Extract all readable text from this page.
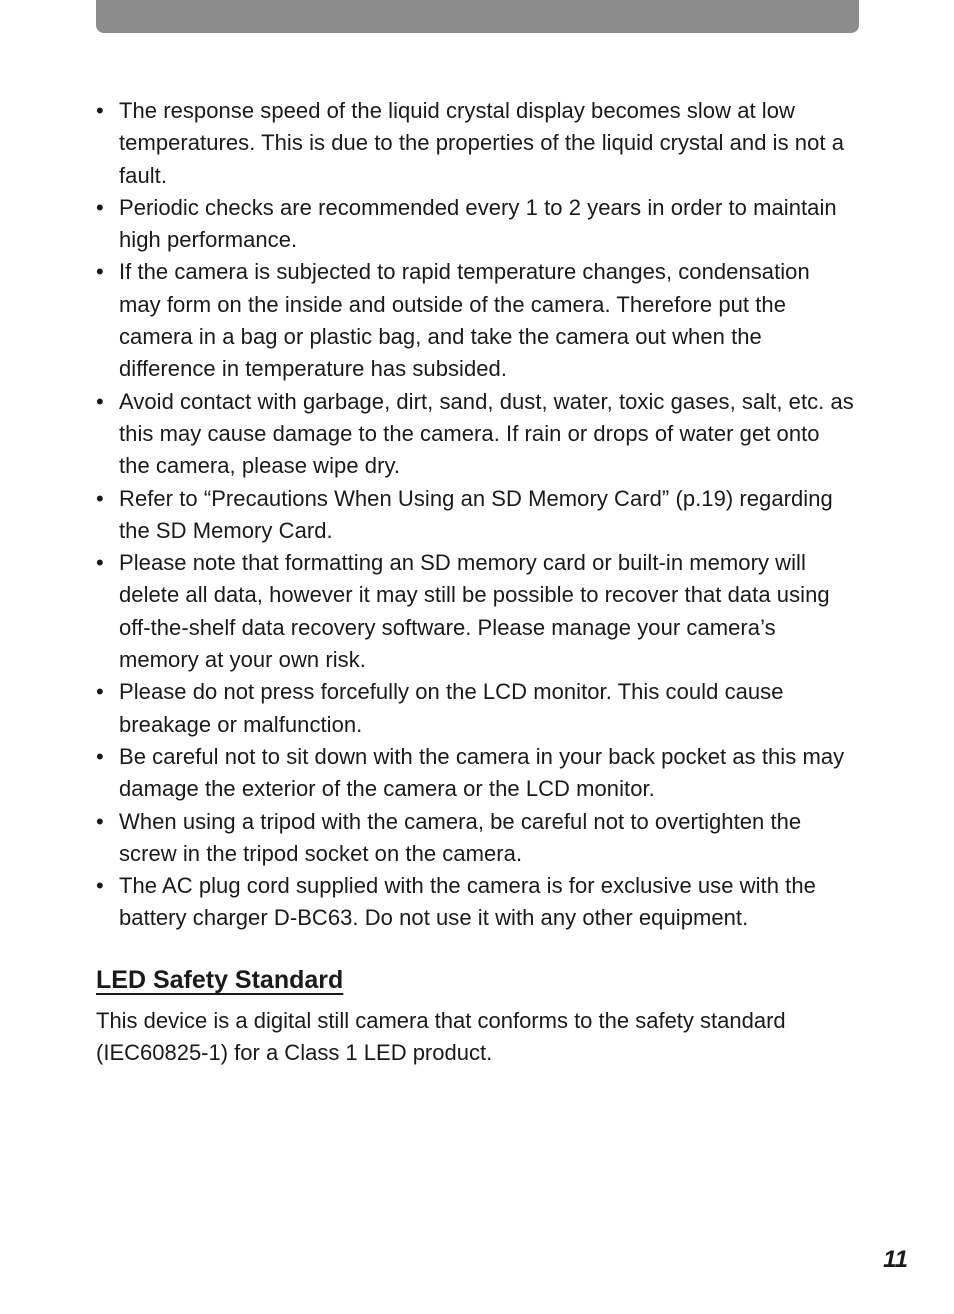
• The response speed of the liquid crystal display becomes slow at low temperatures. This is due to the properties of the liquid crystal and is not a fault.
• Periodic checks are recommended every 1 to 2 years in order to maintain high performance.
• If the camera is subjected to rapid temperature changes, condensation may form on the inside and outside of the camera. Therefore put the camera in a bag or plastic bag, and take the camera out when the difference in temperature has subsided.
• Avoid contact with garbage, dirt, sand, dust, water, toxic gases, salt, etc. as this may cause damage to the camera. If rain or drops of water get onto the camera, please wipe dry.
• Refer to “Precautions When Using an SD Memory Card” (p.19) regarding the SD Memory Card.
• Please note that formatting an SD memory card or built-in memory will delete all data, however it may still be possible to recover that data using off-the-shelf data recovery software. Please manage your camera’s memory at your own risk.
• Please do not press forcefully on the LCD monitor. This could cause breakage or malfunction.
• Be careful not to sit down with the camera in your back pocket as this may damage the exterior of the camera or the LCD monitor.
• When using a tripod with the camera, be careful not to overtighten the screw in the tripod socket on the camera.
• The AC plug cord supplied with the camera is for exclusive use with the battery charger D-BC63. Do not use it with any other equipment.
LED Safety Standard

This device is a digital still camera that conforms to the safety standard (IEC60825-1) for a Class 1 LED product.

11
